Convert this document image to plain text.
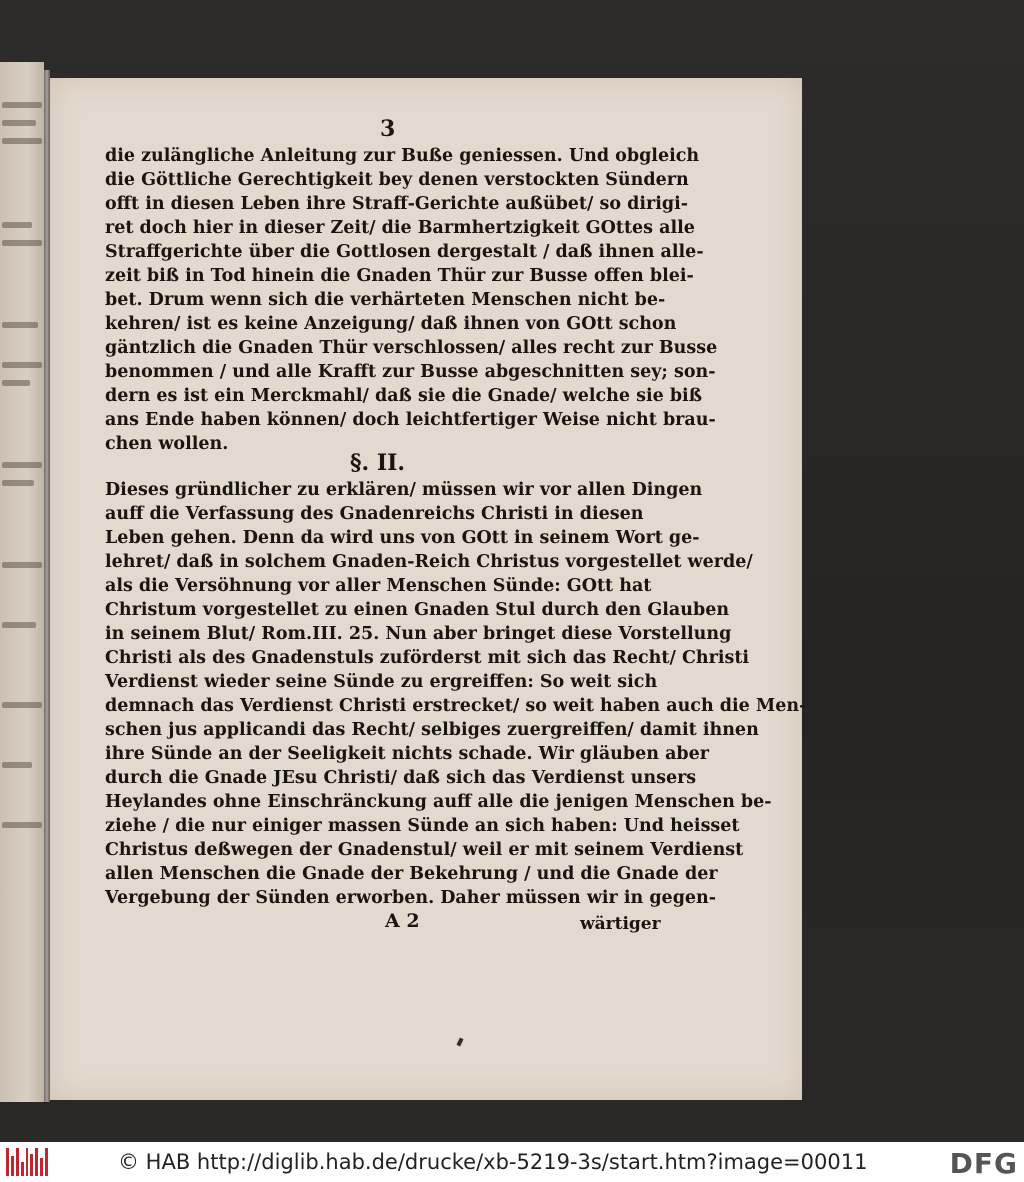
3
die zulängliche Anleitung zur Buße geniessen. Und obgleich
die Göttliche Gerechtigkeit bey denen verstockten Sündern
offt in diesen Leben ihre Straff-Gerichte außübet/ so dirigi-
ret doch hier in dieser Zeit/ die Barmhertzigkeit GOttes alle
Straffgerichte über die Gottlosen dergestalt / daß ihnen alle-
zeit biß in Tod hinein die Gnaden Thür zur Busse offen blei-
bet. Drum wenn sich die verhärteten Menschen nicht be-
kehren/ ist es keine Anzeigung/ daß ihnen von GOtt schon
gäntzlich die Gnaden Thür verschlossen/ alles recht zur Busse
benommen / und alle Krafft zur Busse abgeschnitten sey; son-
dern es ist ein Merckmahl/ daß sie die Gnade/ welche sie biß
ans Ende haben können/ doch leichtfertiger Weise nicht brau-
chen wollen.
§. II.
Dieses gründlicher zu erklären/ müssen wir vor allen Dingen
auff die Verfassung des Gnadenreichs Christi in diesen
Leben gehen. Denn da wird uns von GOtt in seinem Wort ge-
lehret/ daß in solchem Gnaden-Reich Christus vorgestellet werde/
als die Versöhnung vor aller Menschen Sünde: GOtt hat
Christum vorgestellet zu einen Gnaden Stul durch den Glauben
in seinem Blut/ Rom.III. 25. Nun aber bringet diese Vorstellung
Christi als des Gnadenstuls zuförderst mit sich das Recht/ Christi
Verdienst wieder seine Sünde zu ergreiffen: So weit sich
demnach das Verdienst Christi erstrecket/ so weit haben auch die Men-
schen jus applicandi das Recht/ selbiges zuergreiffen/ damit ihnen
ihre Sünde an der Seeligkeit nichts schade. Wir gläuben aber
durch die Gnade JEsu Christi/ daß sich das Verdienst unsers
Heylandes ohne Einschränckung auff alle die jenigen Menschen be-
ziehe / die nur einiger massen Sünde an sich haben: Und heisset
Christus deßwegen der Gnadenstul/ weil er mit seinem Verdienst
allen Menschen die Gnade der Bekehrung / und die Gnade der
Vergebung der Sünden erworben. Daher müssen wir in gegen-
A 2	wärtiger
© HAB http://diglib.hab.de/drucke/xb-5219-3s/start.htm?image=00011	DFG
